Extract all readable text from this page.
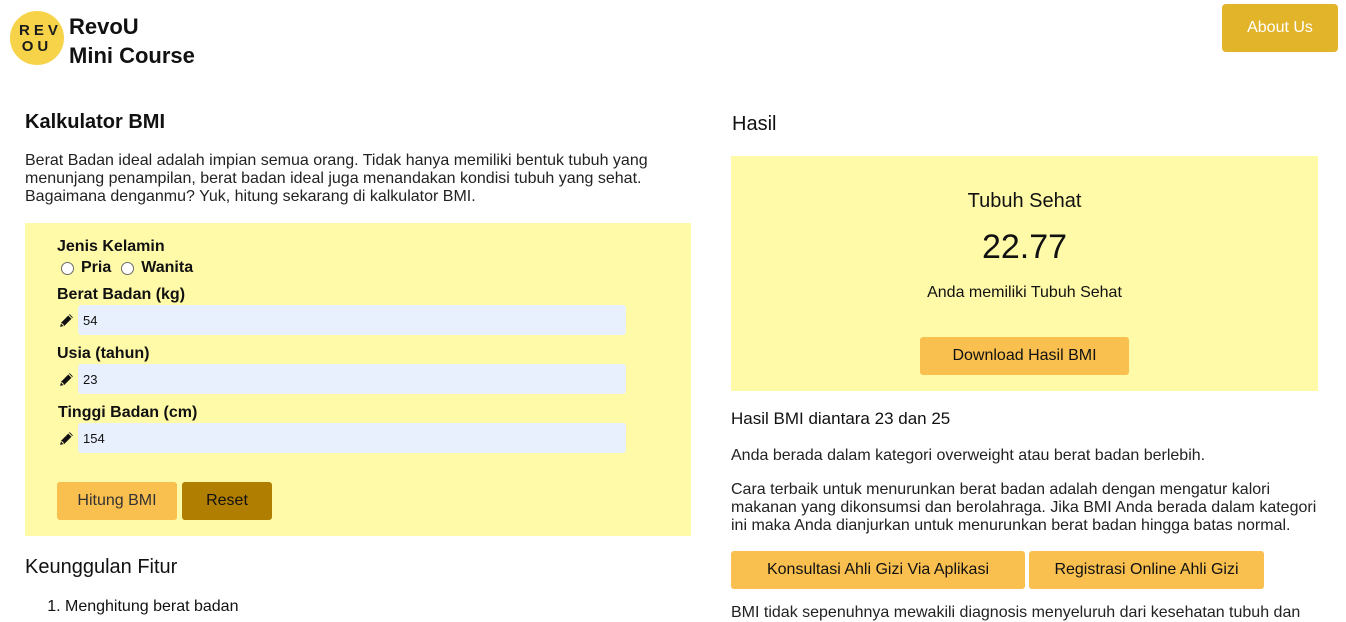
REV
OU
RevoU
Mini Course
About Us
Kalkulator BMI

Berat Badan ideal adalah impian semua orang. Tidak hanya memiliki bentuk tubuh yang menunjang penampilan, berat badan ideal juga menandakan kondisi tubuh yang sehat. Bagaimana denganmu? Yuk, hitung sekarang di kalkulator BMI.

Jenis Kelamin
Pria Wanita
Berat Badan (kg)
54
Usia (tahun)
23
Tinggi Badan (cm)
154
Hitung BMI	Reset
Keunggulan Fitur
1. Menghitung berat badan
Hasil
Tubuh Sehat
22.77
Anda memiliki Tubuh Sehat
Download Hasil BMI

Hasil BMI diantara 23 dan 25

Anda berada dalam kategori overweight atau berat badan berlebih.

Cara terbaik untuk menurunkan berat badan adalah dengan mengatur kalori makanan yang dikonsumsi dan berolahraga. Jika BMI Anda berada dalam kategori ini maka Anda dianjurkan untuk menurunkan berat badan hingga batas normal.

Konsultasi Ahli Gizi Via Aplikasi	Registrasi Online Ahli Gizi

BMI tidak sepenuhnya mewakili diagnosis menyeluruh dari kesehatan tubuh dan
